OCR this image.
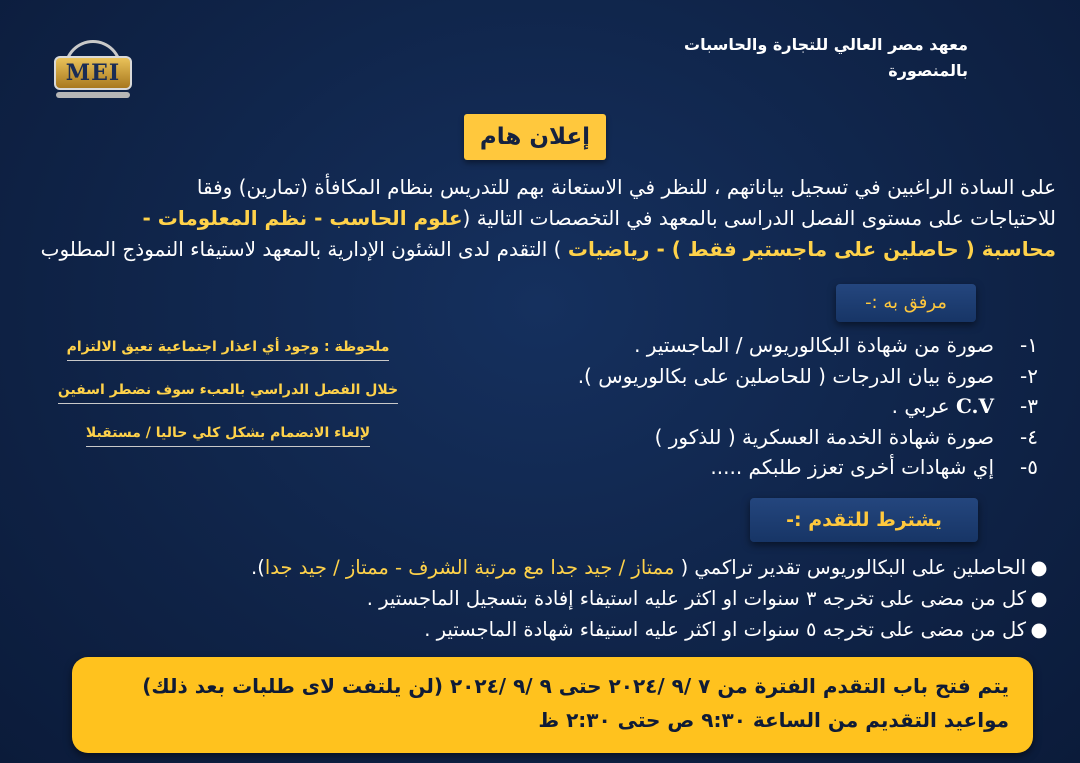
MEI
معهد مصر العالي للتجارة والحاسبات
بالمنصورة
إعلان هام
على السادة الراغبين في تسجيل بياناتهم ، للنظر في الاستعانة بهم للتدريس بنظام المكافأة (تمارين) وفقا
للاحتياجات على مستوى الفصل الدراسى بالمعهد في التخصصات التالية (علوم الحاسب - نظم المعلومات -
محاسبة ( حاصلين على ماجستير فقط ) - رياضيات ) التقدم لدى الشئون الإدارية بالمعهد لاستيفاء النموذج المطلوب
مرفق به :-
١-صورة من شهادة البكالوريوس / الماجستير .
٢-صورة بيان الدرجات ( للحاصلين على بكالوريوس ).
٣-C.V عربي .
٤-صورة شهادة الخدمة العسكرية ( للذكور )
٥-إي شهادات أخرى تعزز طلبكم .....
ملحوظة : وجود أي اعذار اجتماعية تعيق الالتزام خلال الفصل الدراسي بالعبء سوف نضطر اسفين لإلغاء الانضمام بشكل كلي حاليا / مستقبلا
يشترط للتقدم :-
●الحاصلين على البكالوريوس تقدير تراكمي ( ممتاز / جيد جدا مع مرتبة الشرف - ممتاز / جيد جدا).
●كل من مضى على تخرجه ٣ سنوات او اكثر عليه استيفاء إفادة بتسجيل الماجستير .
●كل من مضى على تخرجه ٥ سنوات او اكثر عليه استيفاء شهادة الماجستير .
يتم فتح باب التقدم الفترة من ٧ /٩ /٢٠٢٤ حتى ٩ /٩ /٢٠٢٤ (لن يلتفت لاى طلبات بعد ذلك)
مواعيد التقديم من الساعة ٩:٣٠ ص حتى ٢:٣٠ ظ
